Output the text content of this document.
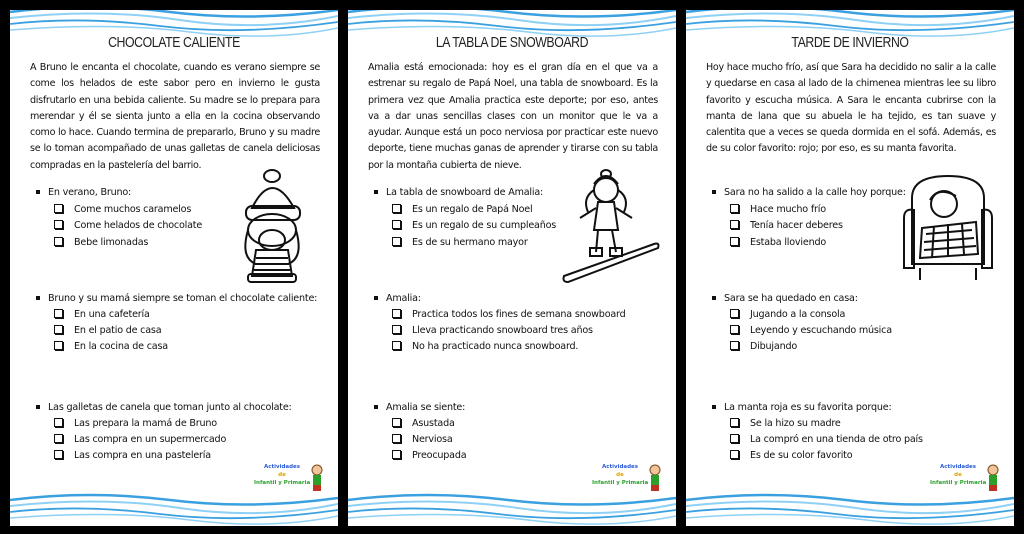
CHOCOLATE CALIENTE
A Bruno le encanta el chocolate, cuando es verano siempre se come los helados de este sabor pero en invierno le gusta disfrutarlo en una bebida caliente. Su madre se lo prepara para merendar y él se sienta junto a ella en la cocina observando como lo hace. Cuando termina de prepararlo, Bruno y su madre se lo toman acompañado de unas galletas de canela deliciosas compradas en la pastelería del barrio.
En verano, Bruno:
Come muchos caramelos
Come helados de chocolate
Bebe limonadas
Bruno y su mamá siempre se toman el chocolate caliente:
En una cafetería
En el patio de casa
En la cocina de casa
Las galletas de canela que toman junto al chocolate:
Las prepara la mamá de Bruno
Las compra en un supermercado
Las compra en una pastelería
Actividades
de
Infantil y Primaria
LA TABLA DE SNOWBOARD
Amalia está emocionada: hoy es el gran día en el que va a estrenar su regalo de Papá Noel, una tabla de snowboard. Es la primera vez que Amalia practica este deporte; por eso, antes va a dar unas sencillas clases con un monitor que le va a ayudar. Aunque está un poco nerviosa por practicar este nuevo deporte, tiene muchas ganas de aprender y tirarse con su tabla por la montaña cubierta de nieve.
La tabla de snowboard de Amalia:
Es un regalo de Papá Noel
Es un regalo de su cumpleaños
Es de su hermano mayor
Amalia:
Practica todos los fines de semana snowboard
Lleva practicando snowboard tres años
No ha practicado nunca snowboard.
Amalia se siente:
Asustada
Nerviosa
Preocupada
Actividades
de
Infantil y Primaria
TARDE DE INVIERNO
Hoy hace mucho frío, así que Sara ha decidido no salir a la calle y quedarse en casa al lado de la chimenea mientras lee su libro favorito y escucha música. A Sara le encanta cubrirse con la manta de lana que su abuela le ha tejido, es tan suave y calentita que a veces se queda dormida en el sofá. Además, es de su color favorito: rojo; por eso, es su manta favorita.
Sara no ha salido a la calle hoy porque:
Hace mucho frío
Tenía hacer deberes
Estaba lloviendo
Sara se ha quedado en casa:
Jugando a la consola
Leyendo y escuchando música
Dibujando
La manta roja es su favorita porque:
Se la hizo su madre
La compró en una tienda de otro país
Es de su color favorito
Actividades
de
Infantil y Primaria
